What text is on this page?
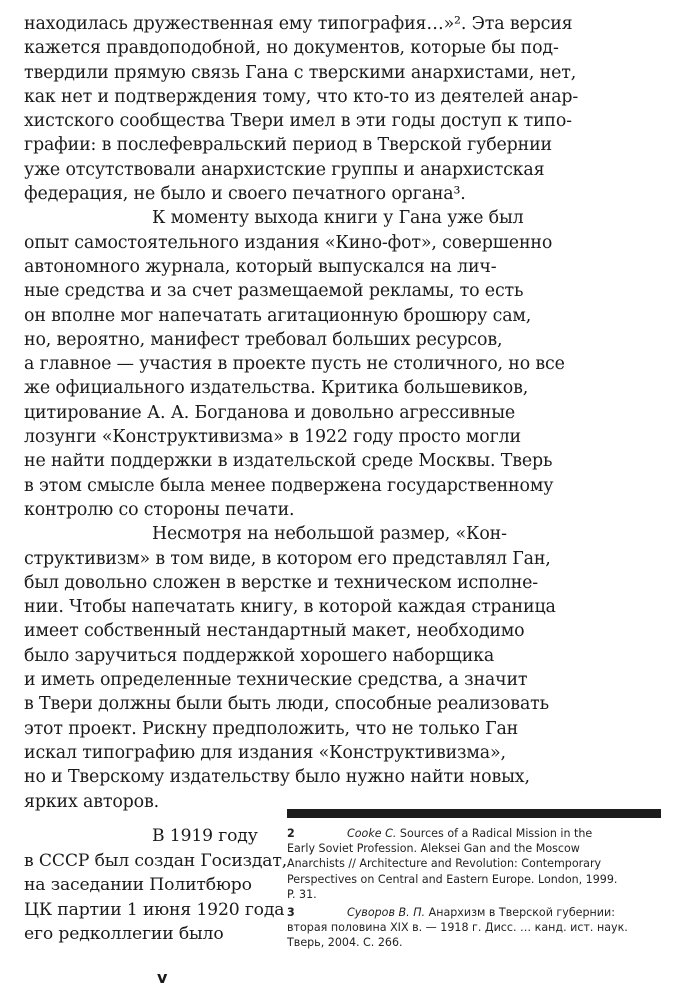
находилась дружественная ему типография…»². Эта версия
кажется правдоподобной, но документов, которые бы под-
твердили прямую связь Гана с тверскими анархистами, нет,
как нет и подтверждения тому, что кто-то из деятелей анар-
хистского сообщества Твери имел в эти годы доступ к типо-
графии: в послефевральский период в Тверской губернии
уже отсутствовали анархистские группы и анархистская
федерация, не было и своего печатного органа³.
К моменту выхода книги у Гана уже был
опыт самостоятельного издания «Кино-фот», совершенно
автономного журнала, который выпускался на лич-
ные средства и за счет размещаемой рекламы, то есть
он вполне мог напечатать агитационную брошюру сам,
но, вероятно, манифест требовал больших ресурсов,
а главное — участия в проекте пусть не столичного, но все
же официального издательства. Критика большевиков,
цитирование А. А. Богданова и довольно агрессивные
лозунги «Конструктивизма» в 1922 году просто могли
не найти поддержки в издательской среде Москвы. Тверь
в этом смысле была менее подвержена государственному
контролю со стороны печати.
Несмотря на небольшой размер, «Кон-
структивизм» в том виде, в котором его представлял Ган,
был довольно сложен в верстке и техническом исполне-
нии. Чтобы напечатать книгу, в которой каждая страница
имеет собственный нестандартный макет, необходимо
было заручиться поддержкой хорошего наборщика
и иметь определенные технические средства, а значит
в Твери должны были быть люди, способные реализовать
этот проект. Рискну предположить, что не только Ган
искал типографию для издания «Конструктивизма»,
но и Тверскому издательству было нужно найти новых,
ярких авторов.
В 1919 году
в СССР был создан Госиздат,
на заседании Политбюро
ЦК партии 1 июня 1920 года
его редколлегии было
2	Cooke C. Sources of a Radical Mission in the
Early Soviet Profession. Aleksei Gan and the Moscow
Anarchists // Architecture and Revolution: Contemporary
Perspectives on Central and Eastern Europe. London, 1999.
P. 31.
3	Суворов В. П. Анархизм в Тверской губернии:
вторая половина XIX в. — 1918 г. Дисс. … канд. ист. наук.
Тверь, 2004. С. 266.
v
